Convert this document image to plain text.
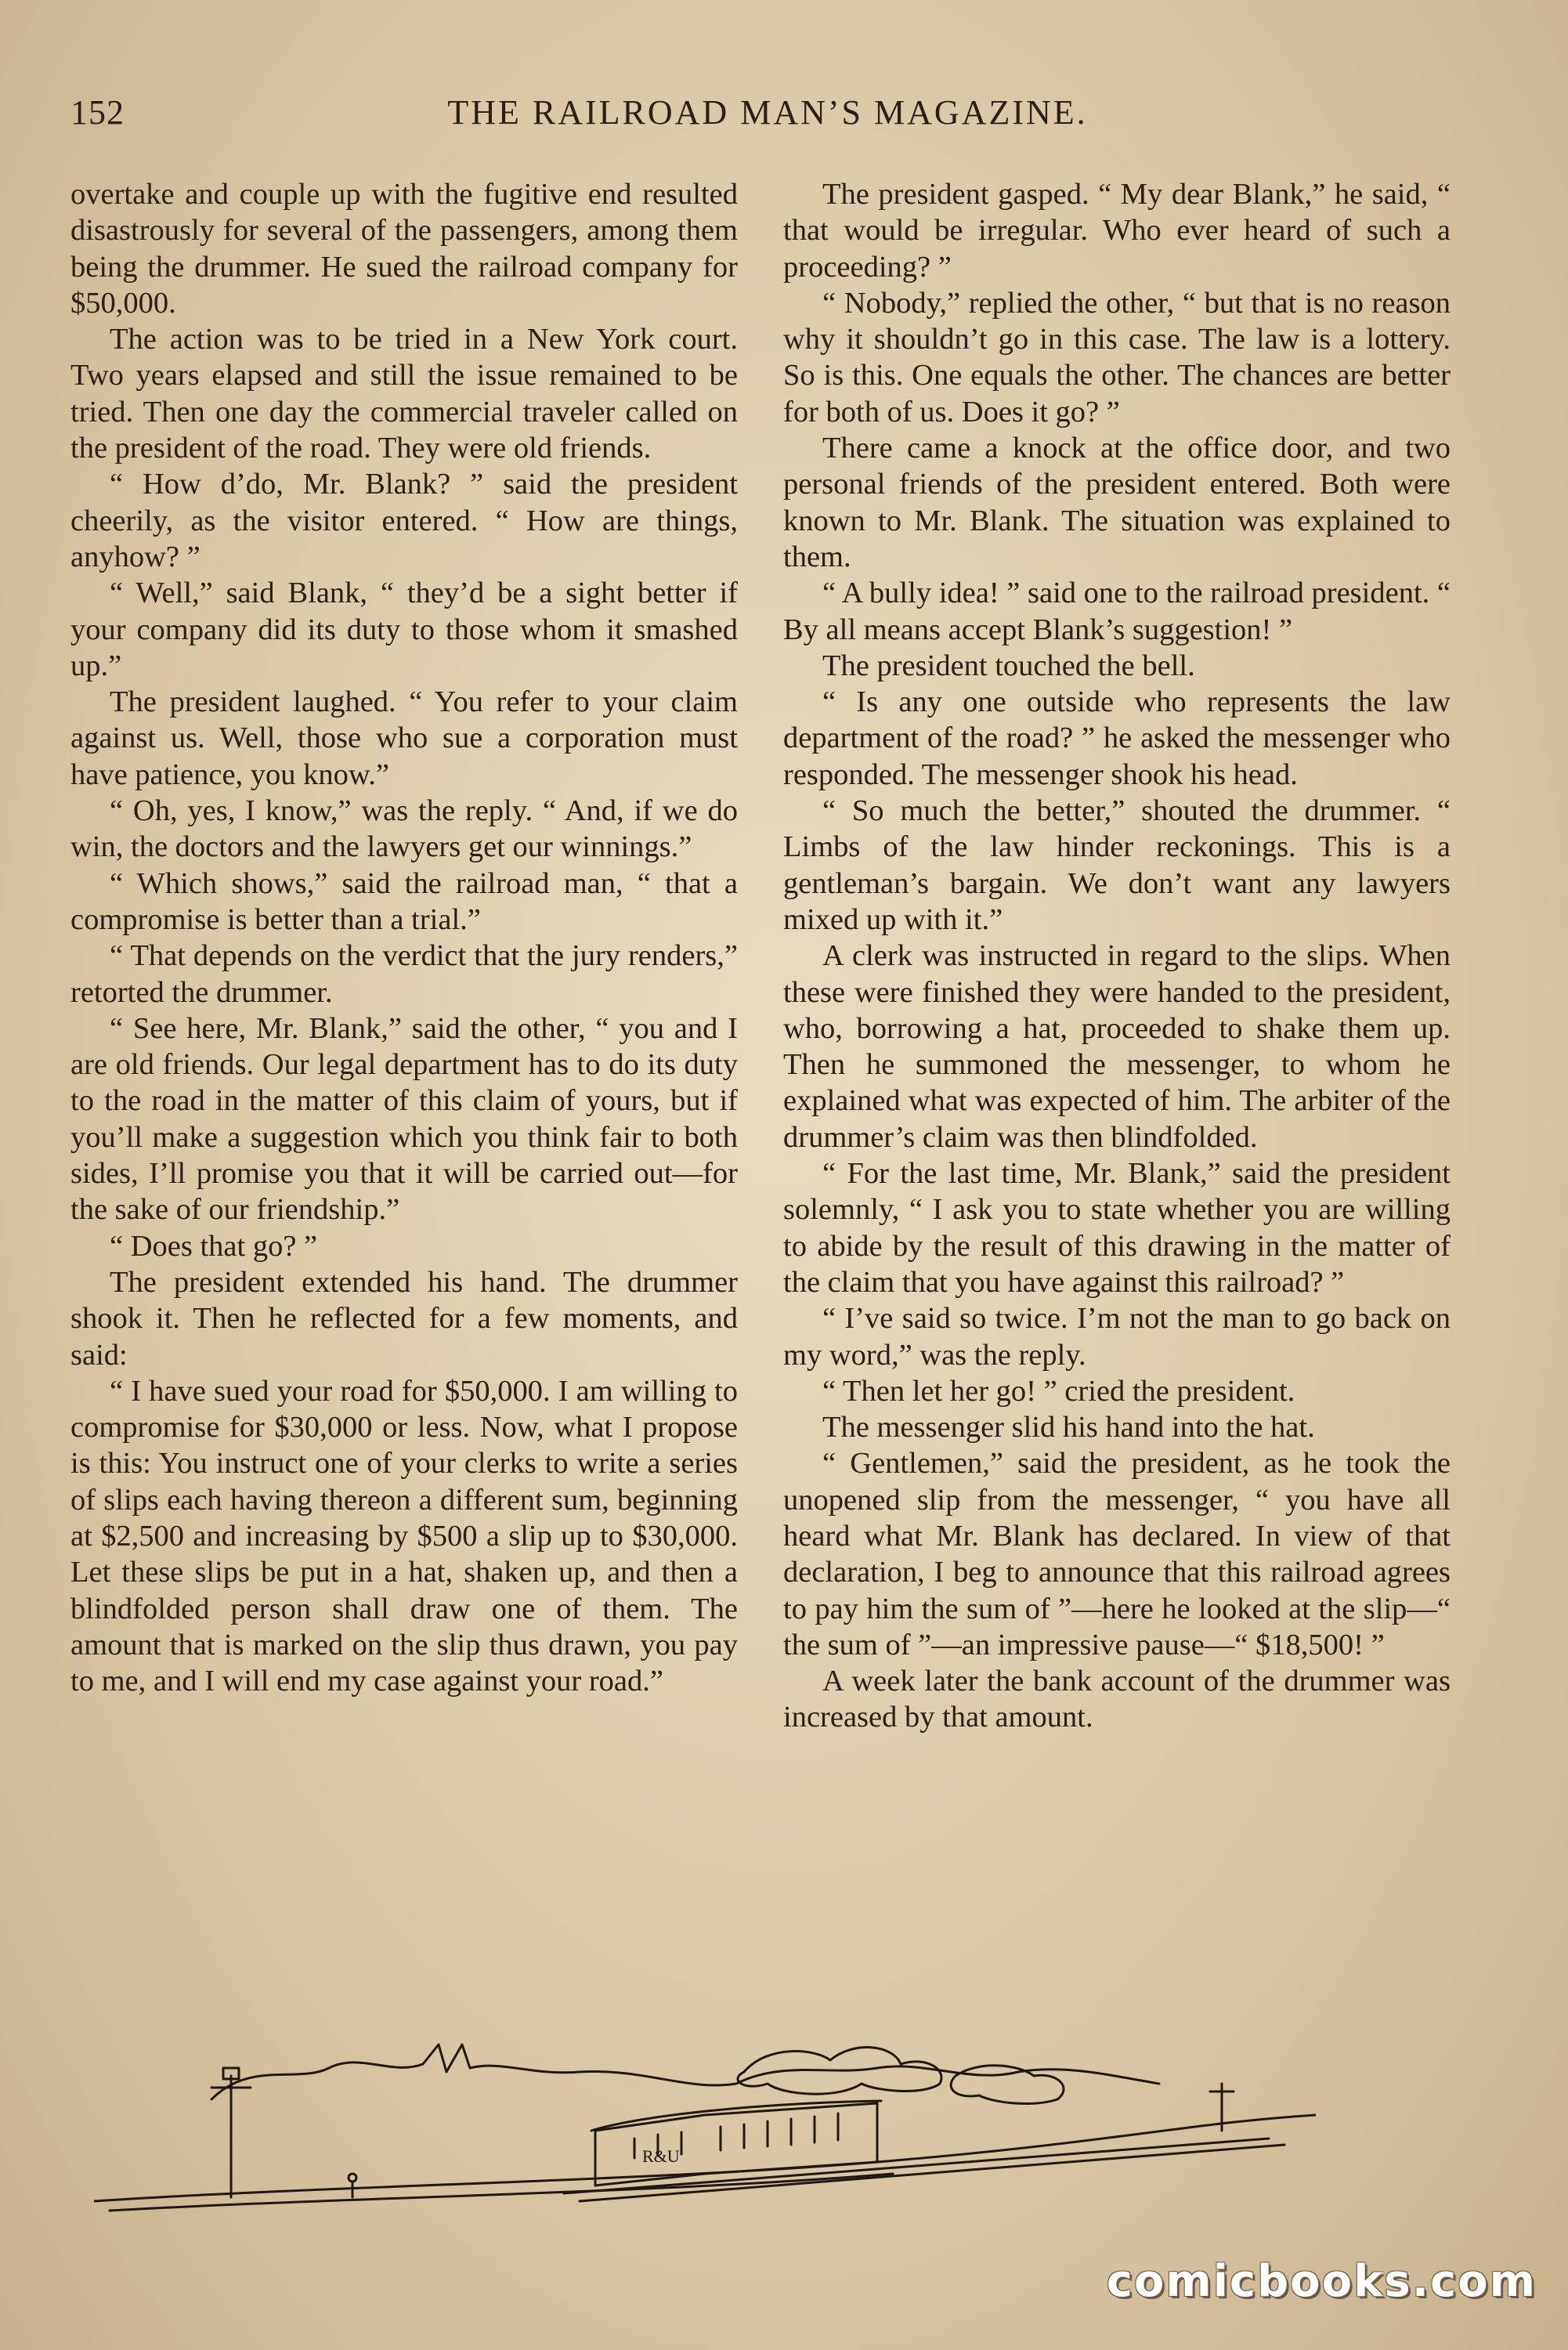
152	THE RAILROAD MAN’S MAGAZINE.

overtake and couple up with the fugitive end resulted disastrously for several of the passengers, among them being the drummer. He sued the railroad company for $50,000.

The action was to be tried in a New York court. Two years elapsed and still the issue remained to be tried. Then one day the commercial traveler called on the president of the road. They were old friends.

“ How d’do, Mr. Blank? ” said the president cheerily, as the visitor entered. “ How are things, anyhow? ”

“ Well,” said Blank, “ they’d be a sight better if your company did its duty to those whom it smashed up.”

The president laughed. “ You refer to your claim against us. Well, those who sue a corporation must have patience, you know.”

“ Oh, yes, I know,” was the reply. “ And, if we do win, the doctors and the lawyers get our winnings.”

“ Which shows,” said the railroad man, “ that a compromise is better than a trial.”

“ That depends on the verdict that the jury renders,” retorted the drummer.

“ See here, Mr. Blank,” said the other, “ you and I are old friends. Our legal department has to do its duty to the road in the matter of this claim of yours, but if you’ll make a suggestion which you think fair to both sides, I’ll promise you that it will be carried out—for the sake of our friendship.”

“ Does that go? ”

The president extended his hand. The drummer shook it. Then he reflected for a few moments, and said:

“ I have sued your road for $50,000. I am willing to compromise for $30,000 or less. Now, what I propose is this: You instruct one of your clerks to write a series of slips each having thereon a different sum, beginning at $2,500 and increasing by $500 a slip up to $30,000. Let these slips be put in a hat, shaken up, and then a blindfolded person shall draw one of them. The amount that is marked on the slip thus drawn, you pay to me, and I will end my case against your road.”

The president gasped. “ My dear Blank,” he said, “ that would be irregular. Who ever heard of such a proceeding? ”

“ Nobody,” replied the other, “ but that is no reason why it shouldn’t go in this case. The law is a lottery. So is this. One equals the other. The chances are better for both of us. Does it go? ”

There came a knock at the office door, and two personal friends of the president entered. Both were known to Mr. Blank. The situation was explained to them.

“ A bully idea! ” said one to the railroad president. “ By all means accept Blank’s suggestion! ”

The president touched the bell.

“ Is any one outside who represents the law department of the road? ” he asked the messenger who responded. The messenger shook his head.

“ So much the better,” shouted the drummer. “ Limbs of the law hinder reckonings. This is a gentleman’s bargain. We don’t want any lawyers mixed up with it.”

A clerk was instructed in regard to the slips. When these were finished they were handed to the president, who, borrowing a hat, proceeded to shake them up. Then he summoned the messenger, to whom he explained what was expected of him. The arbiter of the drummer’s claim was then blindfolded.

“ For the last time, Mr. Blank,” said the president solemnly, “ I ask you to state whether you are willing to abide by the result of this drawing in the matter of the claim that you have against this railroad? ”

“ I’ve said so twice. I’m not the man to go back on my word,” was the reply.

“ Then let her go! ” cried the president.

The messenger slid his hand into the hat.

“ Gentlemen,” said the president, as he took the unopened slip from the messenger, “ you have all heard what Mr. Blank has declared. In view of that declaration, I beg to announce that this railroad agrees to pay him the sum of ”—here he looked at the slip—“ the sum of ”—an impressive pause—“ $18,500! ”

A week later the bank account of the drummer was increased by that amount.

R&U
comicbooks.com
